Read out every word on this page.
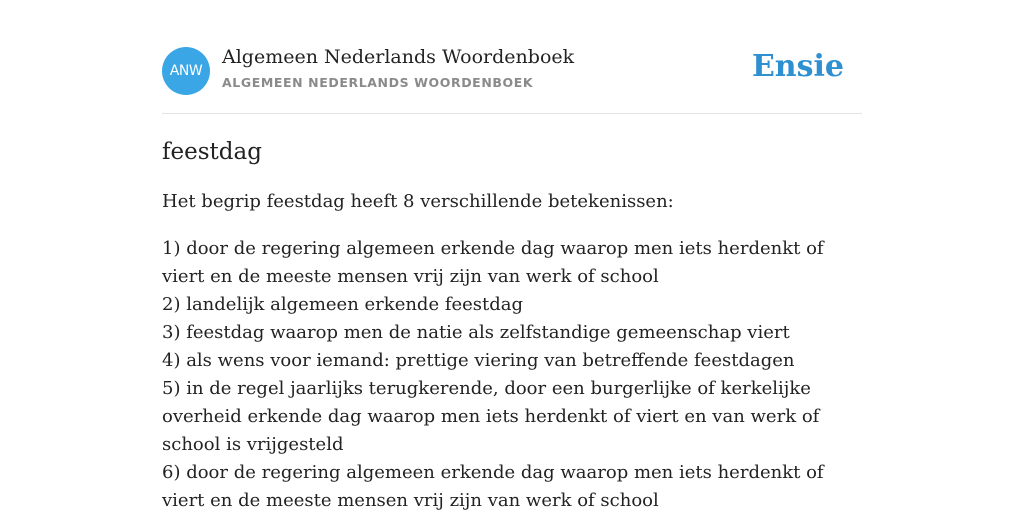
ANW
Algemeen Nederlands Woordenboek
ALGEMEEN NEDERLANDS WOORDENBOEK	Ensie
feestdag

Het begrip feestdag heeft 8 verschillende betekenissen:

1) door de regering algemeen erkende dag waarop men iets herdenkt of viert en de meeste mensen vrij zijn van werk of school

2) landelijk algemeen erkende feestdag

3) feestdag waarop men de natie als zelfstandige gemeenschap viert

4) als wens voor iemand: prettige viering van betreffende feestdagen

5) in de regel jaarlijks terugkerende, door een burgerlijke of kerkelijke overheid erkende dag waarop men iets herdenkt of viert en van werk of school is vrijgesteld

6) door de regering algemeen erkende dag waarop men iets herdenkt of viert en de meeste mensen vrij zijn van werk of school
